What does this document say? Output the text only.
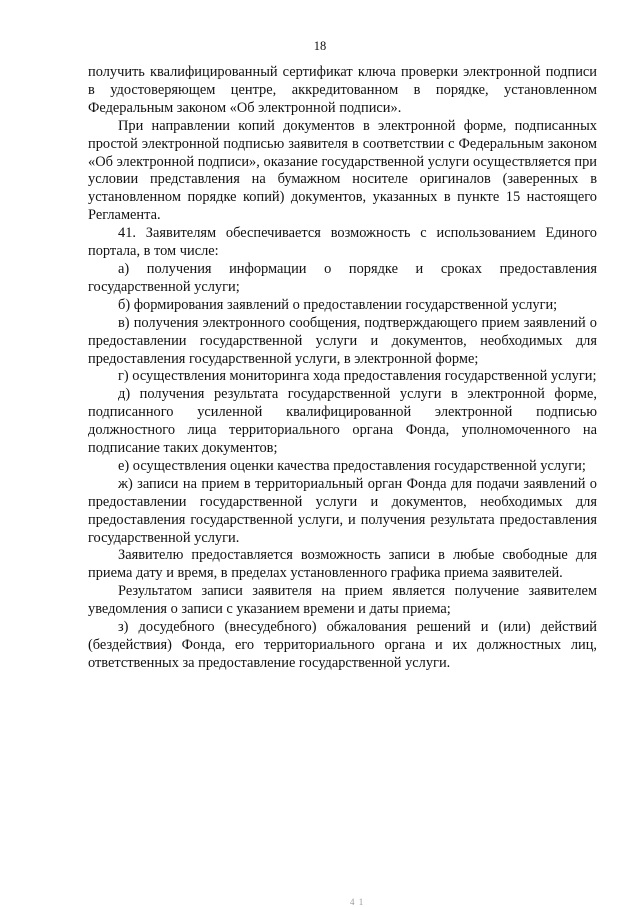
18

получить квалифицированный сертификат ключа проверки электронной подписи в удостоверяющем центре, аккредитованном в порядке, установленном Федеральным законом «Об электронной подписи».

При направлении копий документов в электронной форме, подписанных простой электронной подписью заявителя в соответствии с Федеральным законом «Об электронной подписи», оказание государственной услуги осуществляется при условии представления на бумажном носителе оригиналов (заверенных в установленном порядке копий) документов, указанных в пункте 15 настоящего Регламента.

41. Заявителям обеспечивается возможность с использованием Единого портала, в том числе:

а) получения информации о порядке и сроках предоставления государственной услуги;

б) формирования заявлений о предоставлении государственной услуги;

в) получения электронного сообщения, подтверждающего прием заявлений о предоставлении государственной услуги и документов, необходимых для предоставления государственной услуги, в электронной форме;

г) осуществления мониторинга хода предоставления государственной услуги;

д) получения результата государственной услуги в электронной форме, подписанного усиленной квалифицированной электронной подписью должностного лица территориального органа Фонда, уполномоченного на подписание таких документов;

е) осуществления оценки качества предоставления государственной услуги;

ж) записи на прием в территориальный орган Фонда для подачи заявлений о предоставлении государственной услуги и документов, необходимых для предоставления государственной услуги, и получения результата предоставления государственной услуги.

Заявителю предоставляется возможность записи в любые свободные для приема дату и время, в пределах установленного графика приема заявителей.

Результатом записи заявителя на прием является получение заявителем уведомления о записи с указанием времени и даты приема;

з) досудебного (внесудебного) обжалования решений и (или) действий (бездействия) Фонда, его территориального органа и их должностных лиц, ответственных за предоставление государственной услуги.

4 1
